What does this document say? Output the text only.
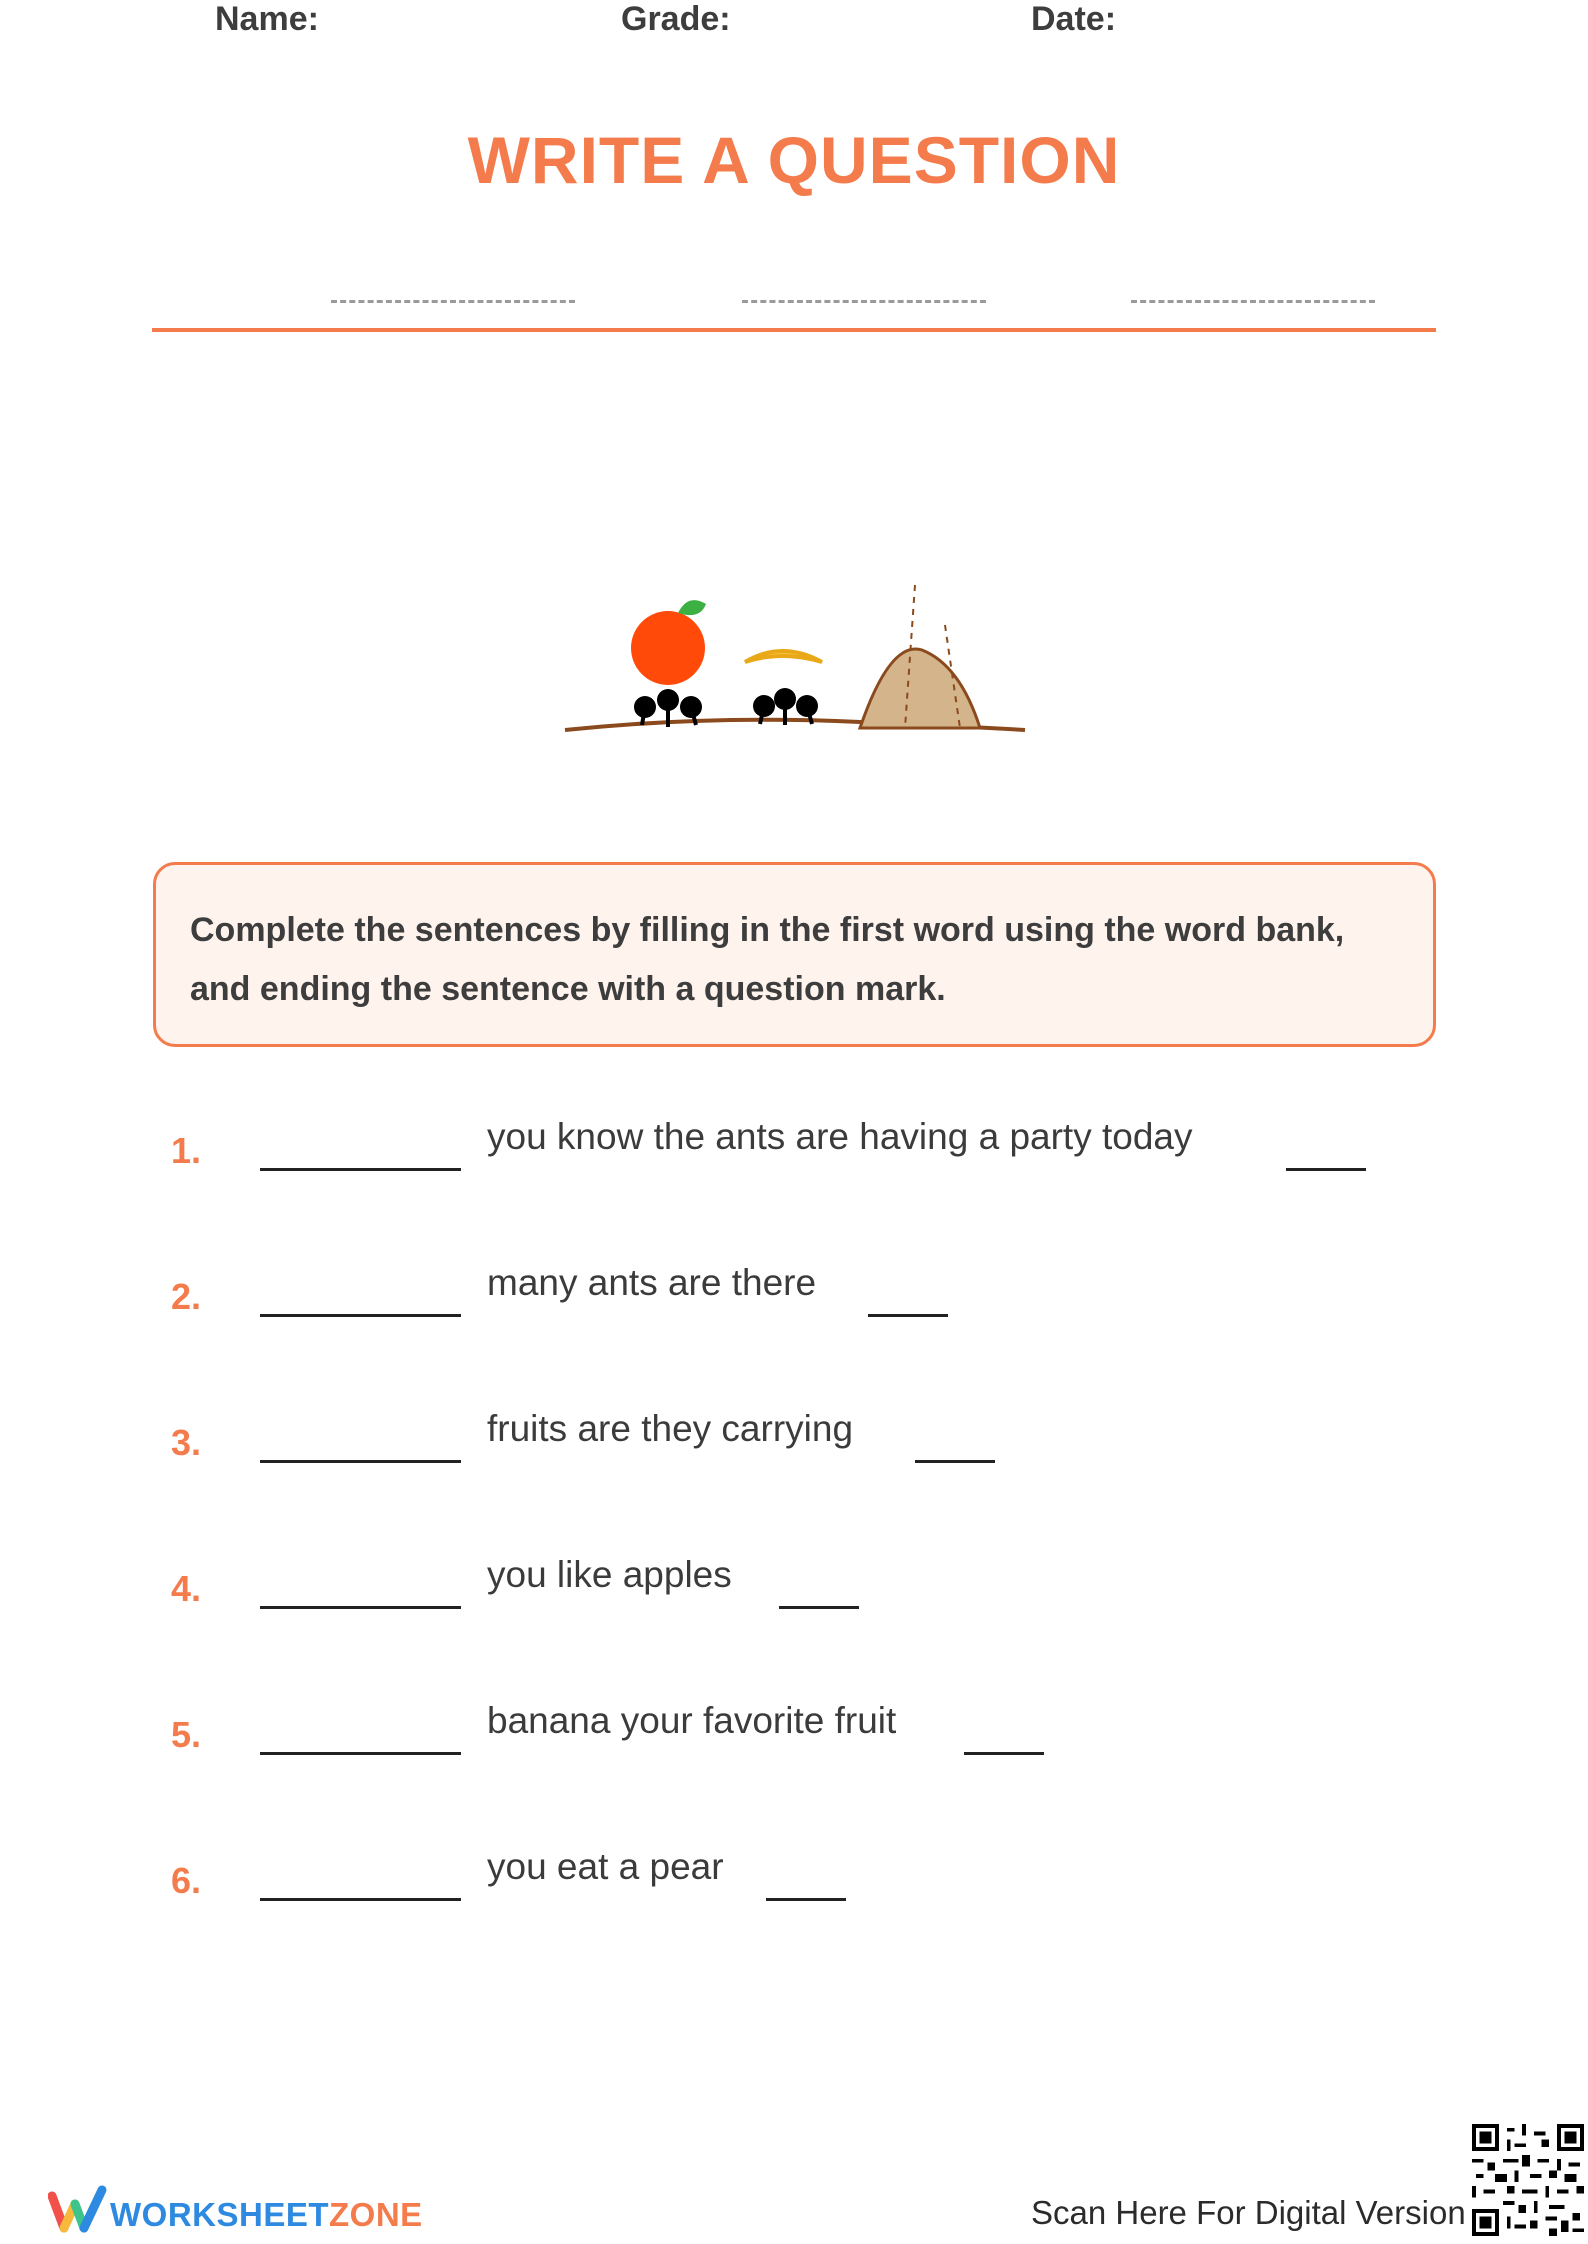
WRITE A QUESTION
Name:	Grade:	Date:

Complete the sentences by filling in the first word using the word bank,

and ending the sentence with a question mark.

1.	you know the ants are having a party today
2.	many ants are there
3.	fruits are they carrying
4.	you like apples
5.	banana your favorite fruit
6.	you eat a pear
WORKSHEETZONE	Scan Here For Digital Version
